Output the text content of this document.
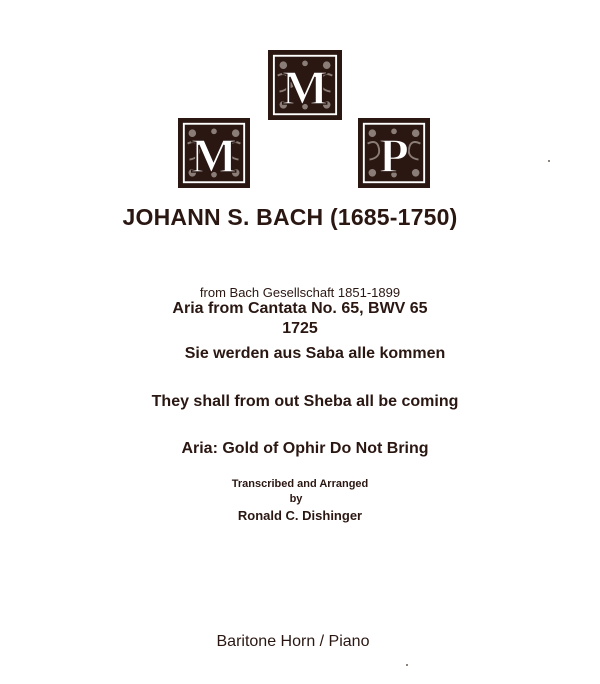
M
M	P
JOHANN S. BACH (1685-1750)
from Bach Gesellschaft 1851-1899
Aria from Cantata No. 65, BWV 65
1725
Sie werden aus Saba alle kommen
They shall from out Sheba all be coming
Aria: Gold of Ophir Do Not Bring
Transcribed and Arranged
by
Ronald C. Dishinger
Baritone Horn / Piano
